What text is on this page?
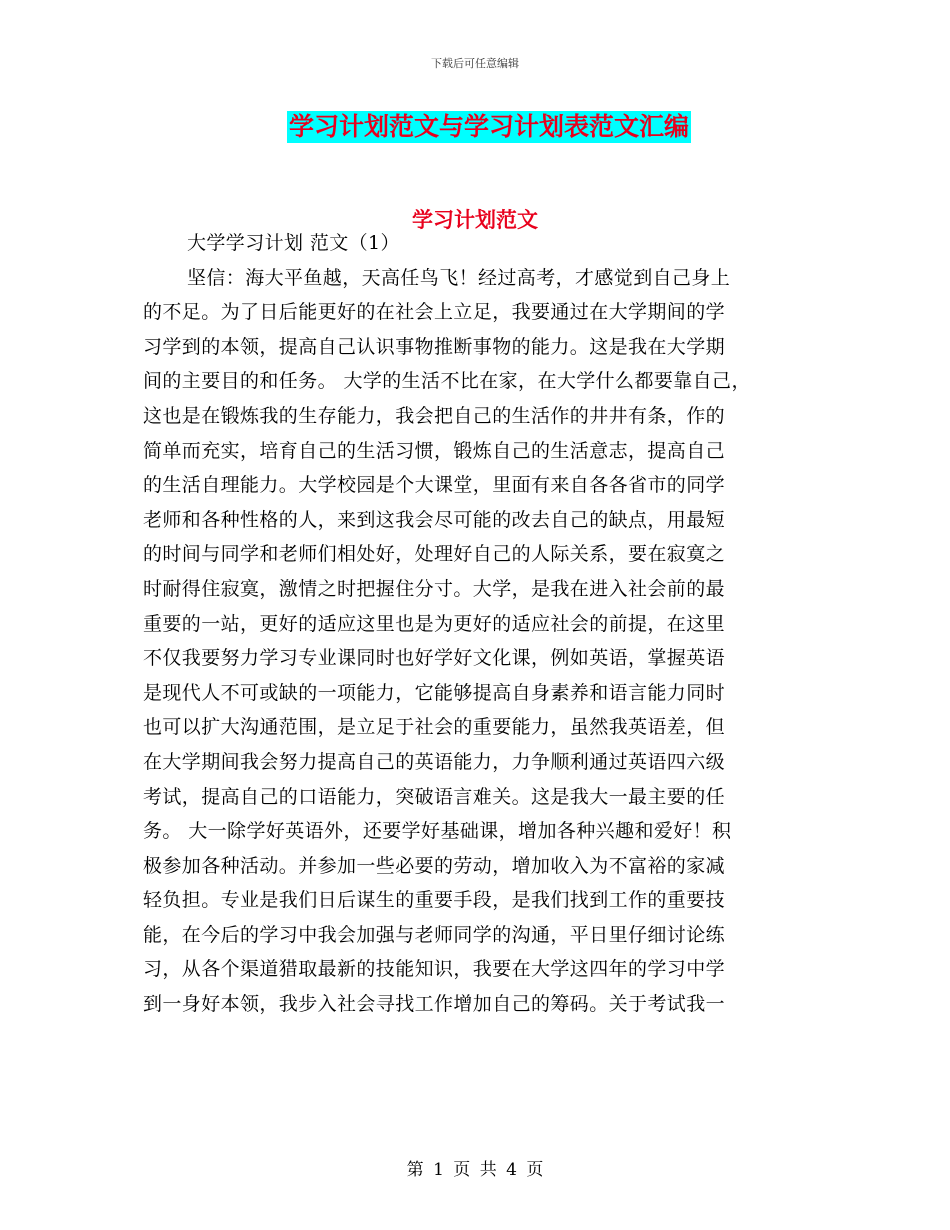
下载后可任意编辑
学习计划范文与学习计划表范文汇编
学习计划范文
大学学习计划 范文（1）
坚信：海大平鱼越，天高任鸟飞！经过高考，才感觉到自己身上
的不足。为了日后能更好的在社会上立足，我要通过在大学期间的学
习学到的本领，提高自己认识事物推断事物的能力。这是我在大学期
间的主要目的和任务。 大学的生活不比在家，在大学什么都要靠自己，
这也是在锻炼我的生存能力，我会把自己的生活作的井井有条，作的
简单而充实，培育自己的生活习惯，锻炼自己的生活意志，提高自己
的生活自理能力。大学校园是个大课堂，里面有来自各各省市的同学
老师和各种性格的人，来到这我会尽可能的改去自己的缺点，用最短
的时间与同学和老师们相处好，处理好自己的人际关系，要在寂寞之
时耐得住寂寞，激情之时把握住分寸。大学，是我在进入社会前的最
重要的一站，更好的适应这里也是为更好的适应社会的前提，在这里
不仅我要努力学习专业课同时也好学好文化课，例如英语，掌握英语
是现代人不可或缺的一项能力，它能够提高自身素养和语言能力同时
也可以扩大沟通范围，是立足于社会的重要能力，虽然我英语差，但
在大学期间我会努力提高自己的英语能力，力争顺利通过英语四六级
考试，提高自己的口语能力，突破语言难关。这是我大一最主要的任
务。 大一除学好英语外，还要学好基础课，增加各种兴趣和爱好！积
极参加各种活动。并参加一些必要的劳动，增加收入为不富裕的家减
轻负担。专业是我们日后谋生的重要手段，是我们找到工作的重要技
能，在今后的学习中我会加强与老师同学的沟通，平日里仔细讨论练
习，从各个渠道猎取最新的技能知识，我要在大学这四年的学习中学
到一身好本领，我步入社会寻找工作增加自己的筹码。关于考试我一
第 1 页 共 4 页
